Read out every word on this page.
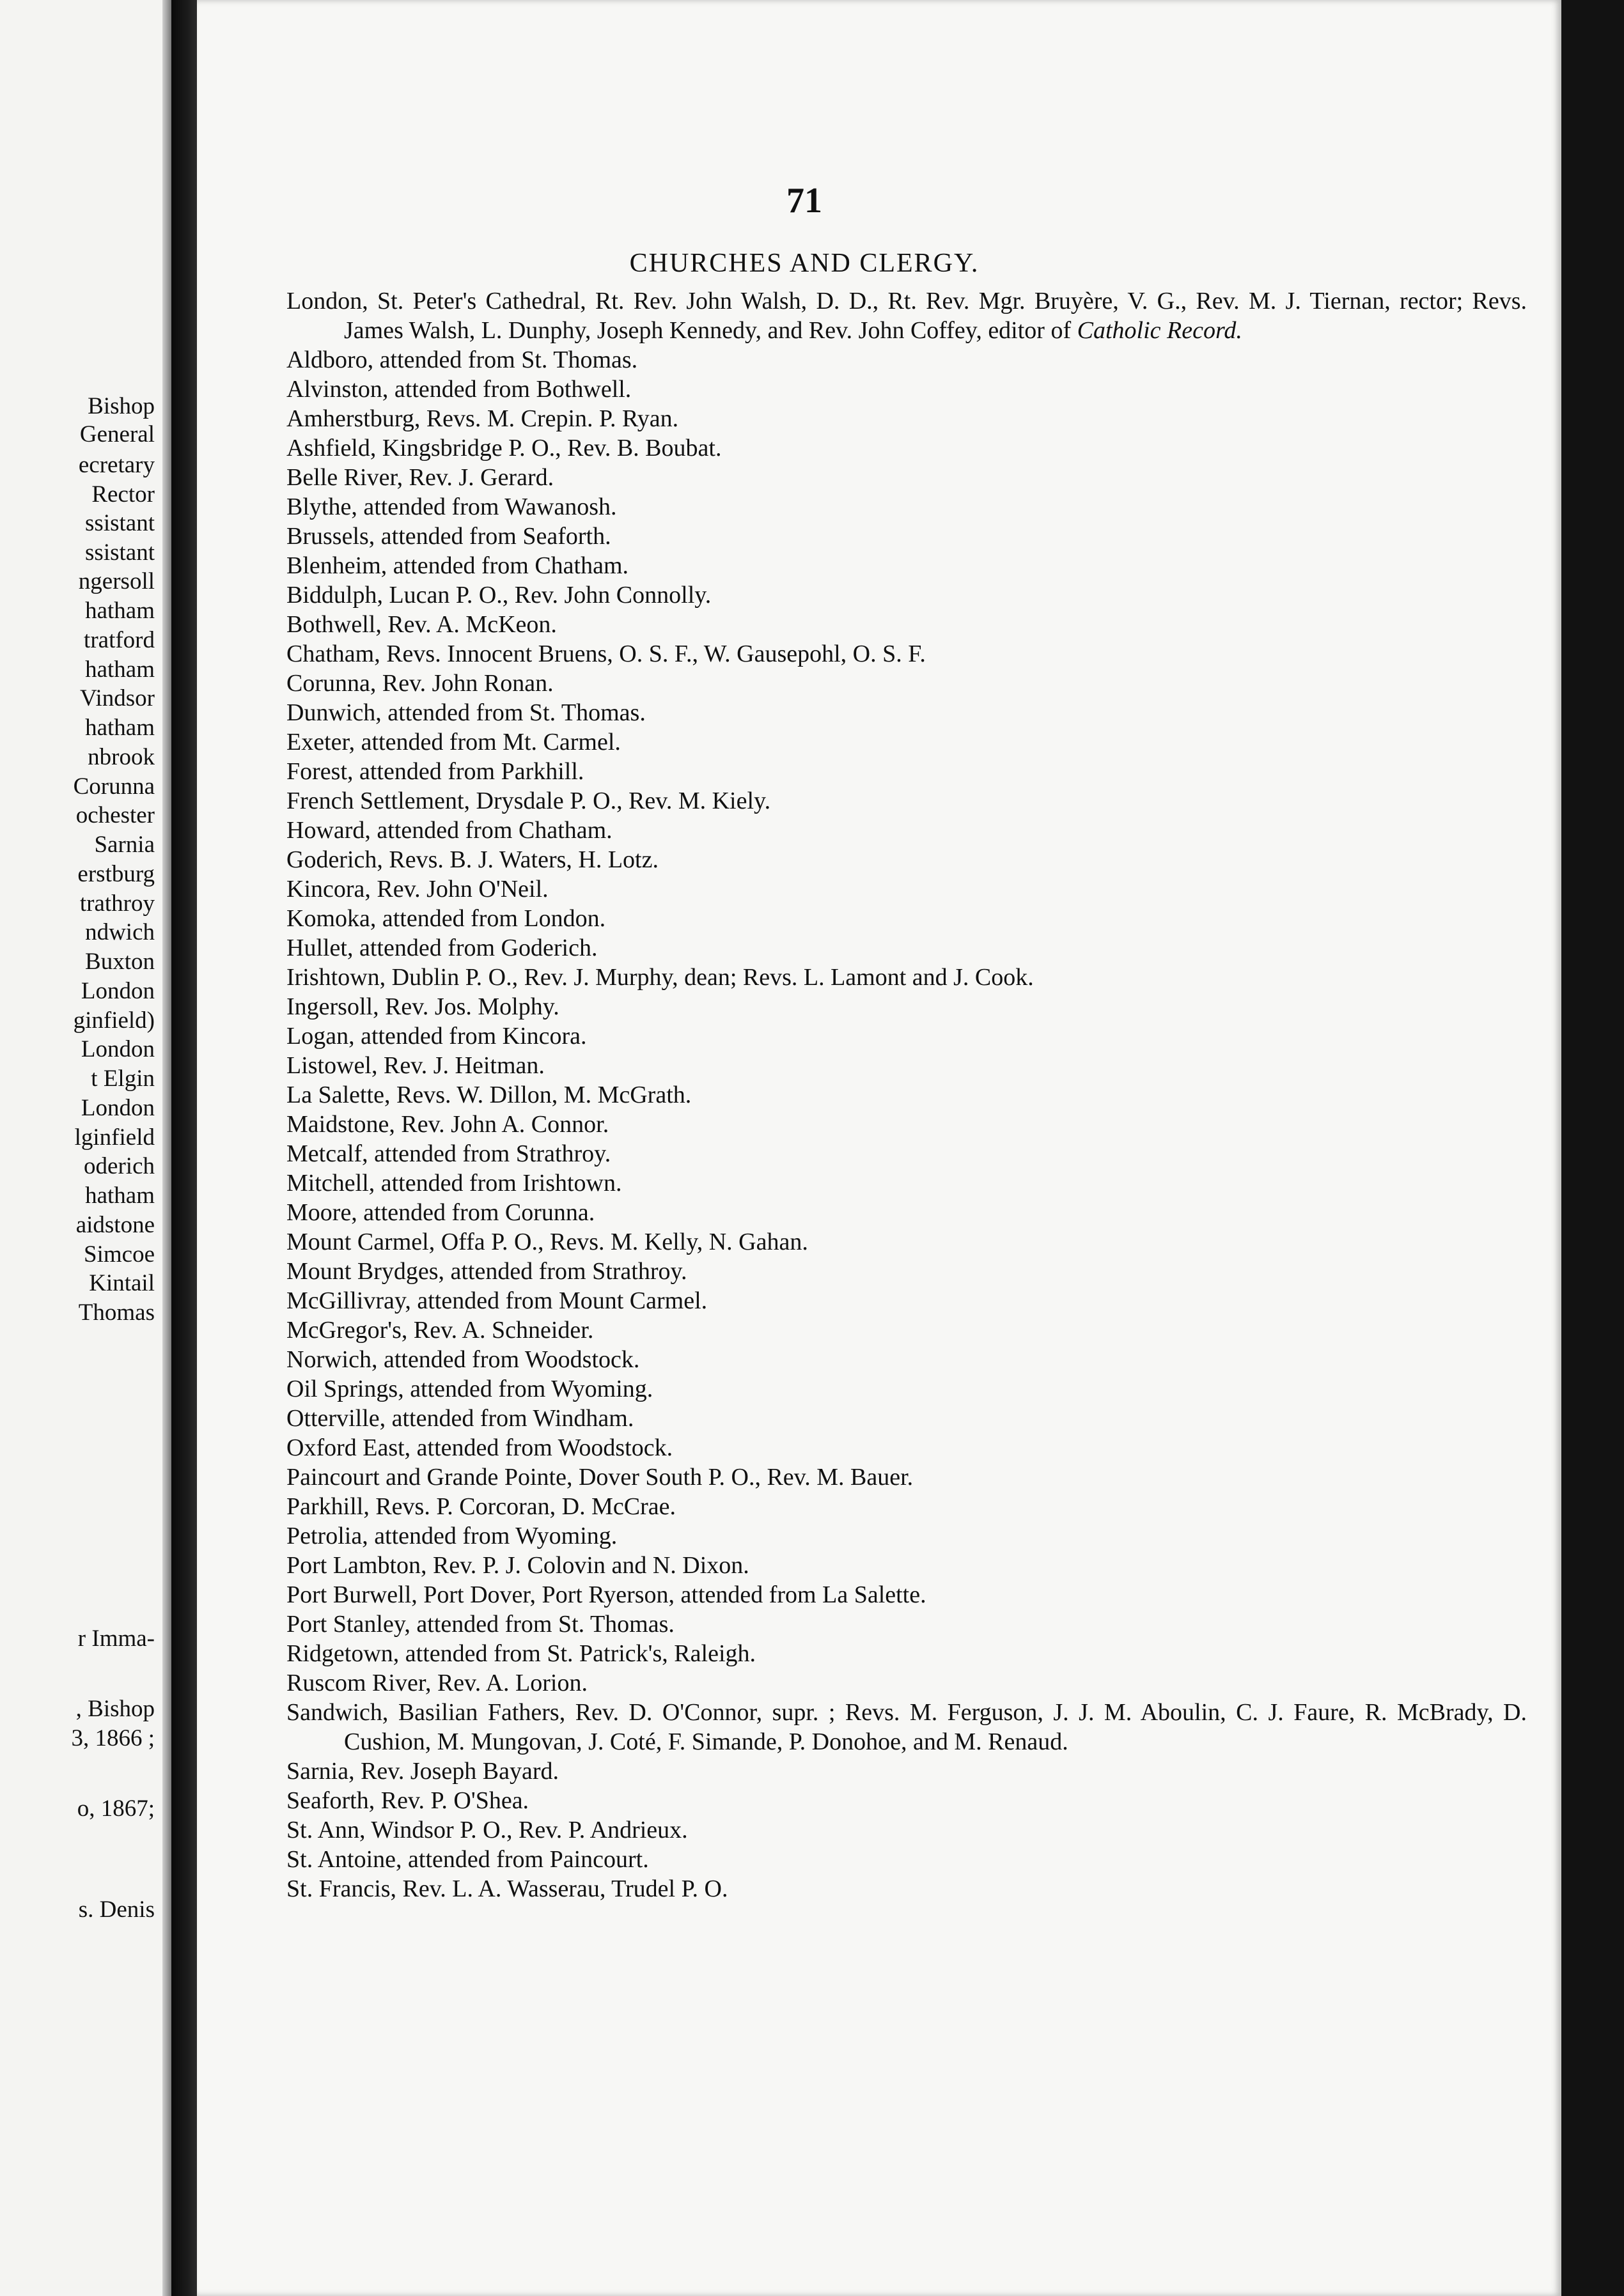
Bishop
General
ecretary
Rector
ssistant
ssistant
ngersoll
hatham
tratford
hatham
Vindsor
hatham
nbrook
Corunna
ochester
Sarnia
erstburg
trathroy
ndwich
Buxton
London
ginfield)
London
t Elgin
London
lginfield
oderich
hatham
aidstone
Simcoe
Kintail
Thomas
r Imma-
, Bishop
3, 1866 ;
o, 1867;
s. Denis
71
CHURCHES AND CLERGY.
London, St. Peter's Cathedral, Rt. Rev. John Walsh, D. D., Rt. Rev. Mgr. Bruyère, V. G., Rev. M. J. Tiernan, rector; Revs. James Walsh, L. Dunphy, Joseph Kennedy, and Rev. John Coffey, editor of Catholic Record.
Aldboro, attended from St. Thomas.
Alvinston, attended from Bothwell.
Amherstburg, Revs. M. Crepin. P. Ryan.
Ashfield, Kingsbridge P. O., Rev. B. Boubat.
Belle River, Rev. J. Gerard.
Blythe, attended from Wawanosh.
Brussels, attended from Seaforth.
Blenheim, attended from Chatham.
Biddulph, Lucan P. O., Rev. John Connolly.
Bothwell, Rev. A. McKeon.
Chatham, Revs. Innocent Bruens, O. S. F., W. Gausepohl, O. S. F.
Corunna, Rev. John Ronan.
Dunwich, attended from St. Thomas.
Exeter, attended from Mt. Carmel.
Forest, attended from Parkhill.
French Settlement, Drysdale P. O., Rev. M. Kiely.
Howard, attended from Chatham.
Goderich, Revs. B. J. Waters, H. Lotz.
Kincora, Rev. John O'Neil.
Komoka, attended from London.
Hullet, attended from Goderich.
Irishtown, Dublin P. O., Rev. J. Murphy, dean; Revs. L. Lamont and J. Cook.
Ingersoll, Rev. Jos. Molphy.
Logan, attended from Kincora.
Listowel, Rev. J. Heitman.
La Salette, Revs. W. Dillon, M. McGrath.
Maidstone, Rev. John A. Connor.
Metcalf, attended from Strathroy.
Mitchell, attended from Irishtown.
Moore, attended from Corunna.
Mount Carmel, Offa P. O., Revs. M. Kelly, N. Gahan.
Mount Brydges, attended from Strathroy.
McGillivray, attended from Mount Carmel.
McGregor's, Rev. A. Schneider.
Norwich, attended from Woodstock.
Oil Springs, attended from Wyoming.
Otterville, attended from Windham.
Oxford East, attended from Woodstock.
Paincourt and Grande Pointe, Dover South P. O., Rev. M. Bauer.
Parkhill, Revs. P. Corcoran, D. McCrae.
Petrolia, attended from Wyoming.
Port Lambton, Rev. P. J. Colovin and N. Dixon.
Port Burwell, Port Dover, Port Ryerson, attended from La Salette.
Port Stanley, attended from St. Thomas.
Ridgetown, attended from St. Patrick's, Raleigh.
Ruscom River, Rev. A. Lorion.
Sandwich, Basilian Fathers, Rev. D. O'Connor, supr. ; Revs. M. Ferguson, J. J. M. Aboulin, C. J. Faure, R. McBrady, D. Cushion, M. Mungovan, J. Coté, F. Simande, P. Donohoe, and M. Renaud.
Sarnia, Rev. Joseph Bayard.
Seaforth, Rev. P. O'Shea.
St. Ann, Windsor P. O., Rev. P. Andrieux.
St. Antoine, attended from Paincourt.
St. Francis, Rev. L. A. Wasserau, Trudel P. O.
